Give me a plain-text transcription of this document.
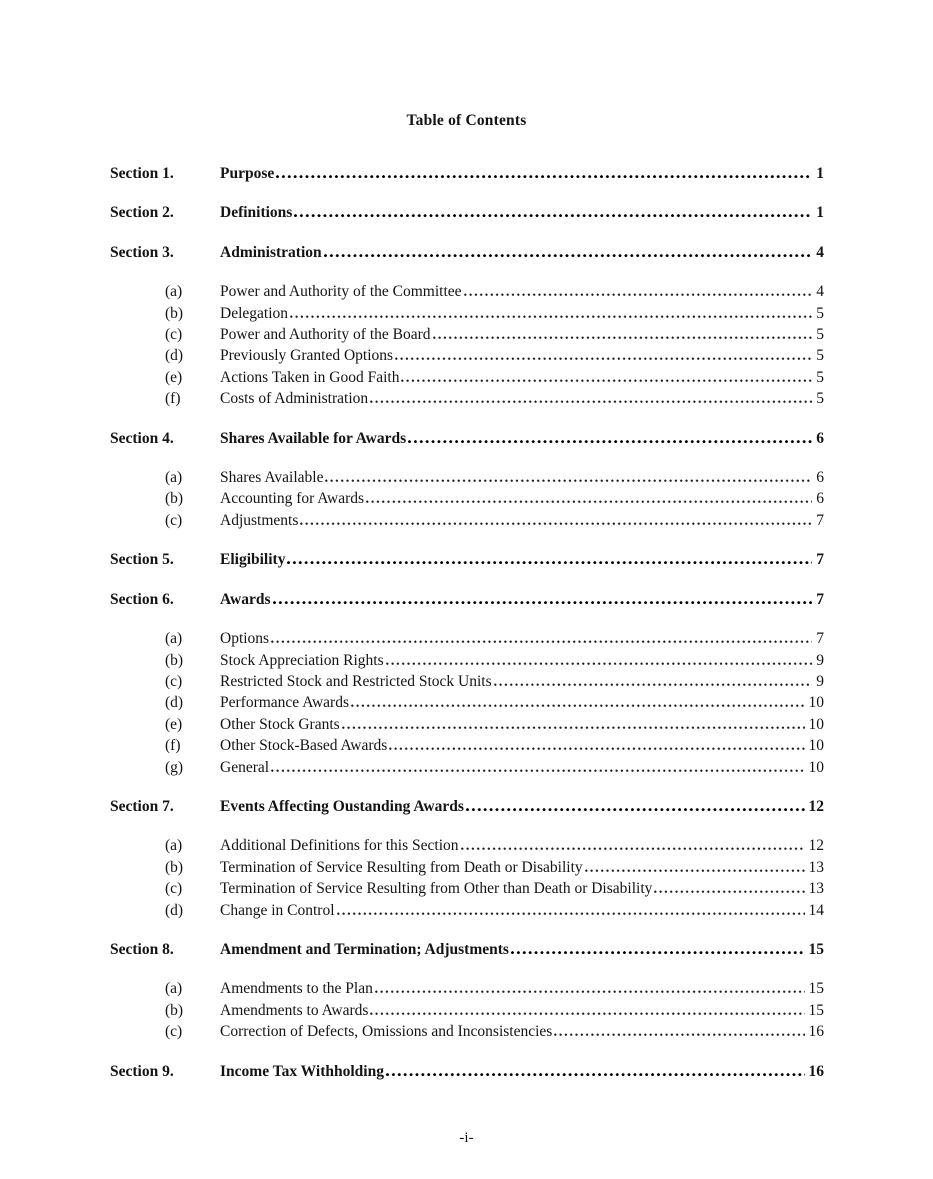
Table of Contents
Section 1.	Purpose	1
Section 2.	Definitions	1
Section 3.	Administration	4
(a)	Power and Authority of the Committee	4
(b)	Delegation	5
(c)	Power and Authority of the Board	5
(d)	Previously Granted Options	5
(e)	Actions Taken in Good Faith	5
(f)	Costs of Administration	5
Section 4.	Shares Available for Awards	6
(a)	Shares Available	6
(b)	Accounting for Awards	6
(c)	Adjustments	7
Section 5.	Eligibility	7
Section 6.	Awards	7
(a)	Options	7
(b)	Stock Appreciation Rights	9
(c)	Restricted Stock and Restricted Stock Units	9
(d)	Performance Awards	10
(e)	Other Stock Grants	10
(f)	Other Stock-Based Awards	10
(g)	General	10
Section 7.	Events Affecting Oustanding Awards	12
(a)	Additional Definitions for this Section	12
(b)	Termination of Service Resulting from Death or Disability	13
(c)	Termination of Service Resulting from Other than Death or Disability	13
(d)	Change in Control	14
Section 8.	Amendment and Termination; Adjustments	15
(a)	Amendments to the Plan	15
(b)	Amendments to Awards	15
(c)	Correction of Defects, Omissions and Inconsistencies	16
Section 9.	Income Tax Withholding	16
-i-
